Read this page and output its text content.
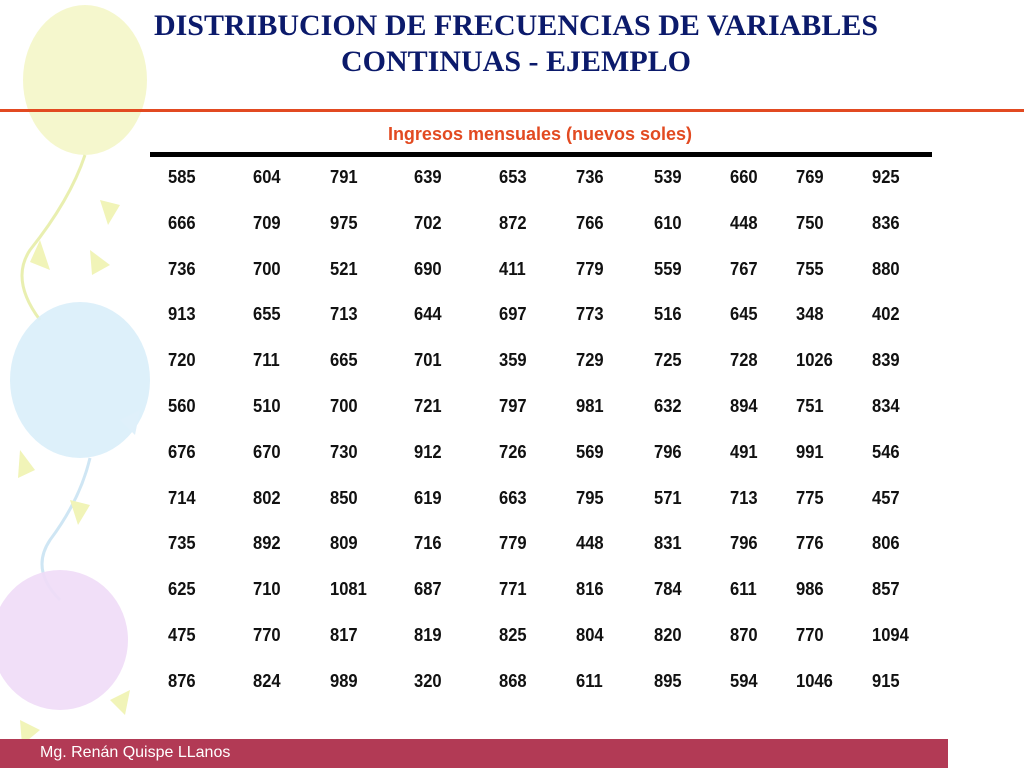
DISTRIBUCION DE FRECUENCIAS DE VARIABLES
CONTINUAS - EJEMPLO
Ingresos mensuales (nuevos soles)
585	604	791	639	653	736	539	660 769	925
666	709	975	702	872	766	610	448 750	836
736	700	521	690	411	779	559	767 755	880
913	655	713	644	697	773	516	645 348	402
720	711	665	701	359	729	725	728 1026 839
560	510	700	721	797	981	632	894 751	834
676	670	730	912	726	569	796	491 991	546
714	802	850	619	663	795	571	713 775	457
735	892	809	716	779	448	831	796 776	806
625	710	1081	687	771	816	784	611 986	857
475	770	817	819	825	804	820	870 770	1094
876	824	989	320	868	611	895	594 1046 915
Mg. Renán Quispe LLanos
